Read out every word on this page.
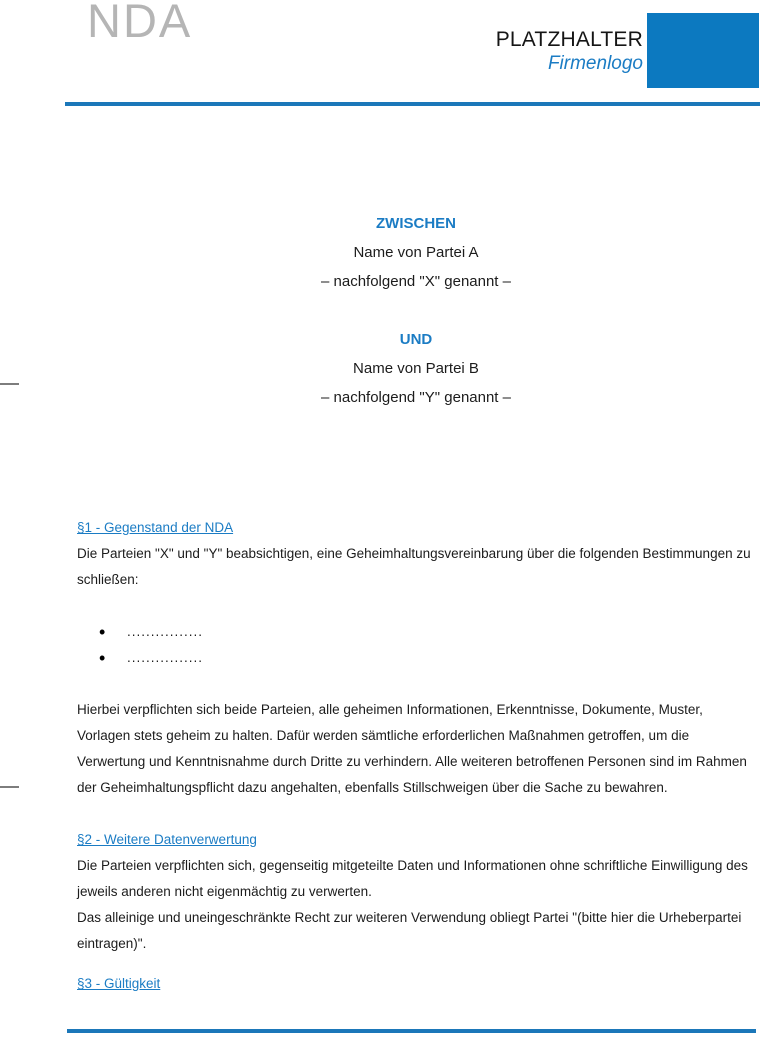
NDA	PLATZHALTER
Firmenlogo
ZWISCHEN
Name von Partei A
– nachfolgend "X" genannt –
UND
Name von Partei B
– nachfolgend "Y" genannt –
§1 - Gegenstand der NDA

Die Parteien "X" und "Y" beabsichtigen, eine Geheimhaltungsvereinbarung über die folgenden Bestimmungen zu schließen:

• ................
• ................

Hierbei verpflichten sich beide Parteien, alle geheimen Informationen, Erkenntnisse, Dokumente, Muster, Vorlagen stets geheim zu halten. Dafür werden sämtliche erforderlichen Maßnahmen getroffen, um die Verwertung und Kenntnisnahme durch Dritte zu verhindern. Alle weiteren betroffenen Personen sind im Rahmen der Geheimhaltungspflicht dazu angehalten, ebenfalls Stillschweigen über die Sache zu bewahren.

§2 - Weitere Datenverwertung

Die Parteien verpflichten sich, gegenseitig mitgeteilte Daten und Informationen ohne schriftliche Einwilligung des jeweils anderen nicht eigenmächtig zu verwerten.

Das alleinige und uneingeschränkte Recht zur weiteren Verwendung obliegt Partei "(bitte hier die Urheberpartei eintragen)".

§3 - Gültigkeit
